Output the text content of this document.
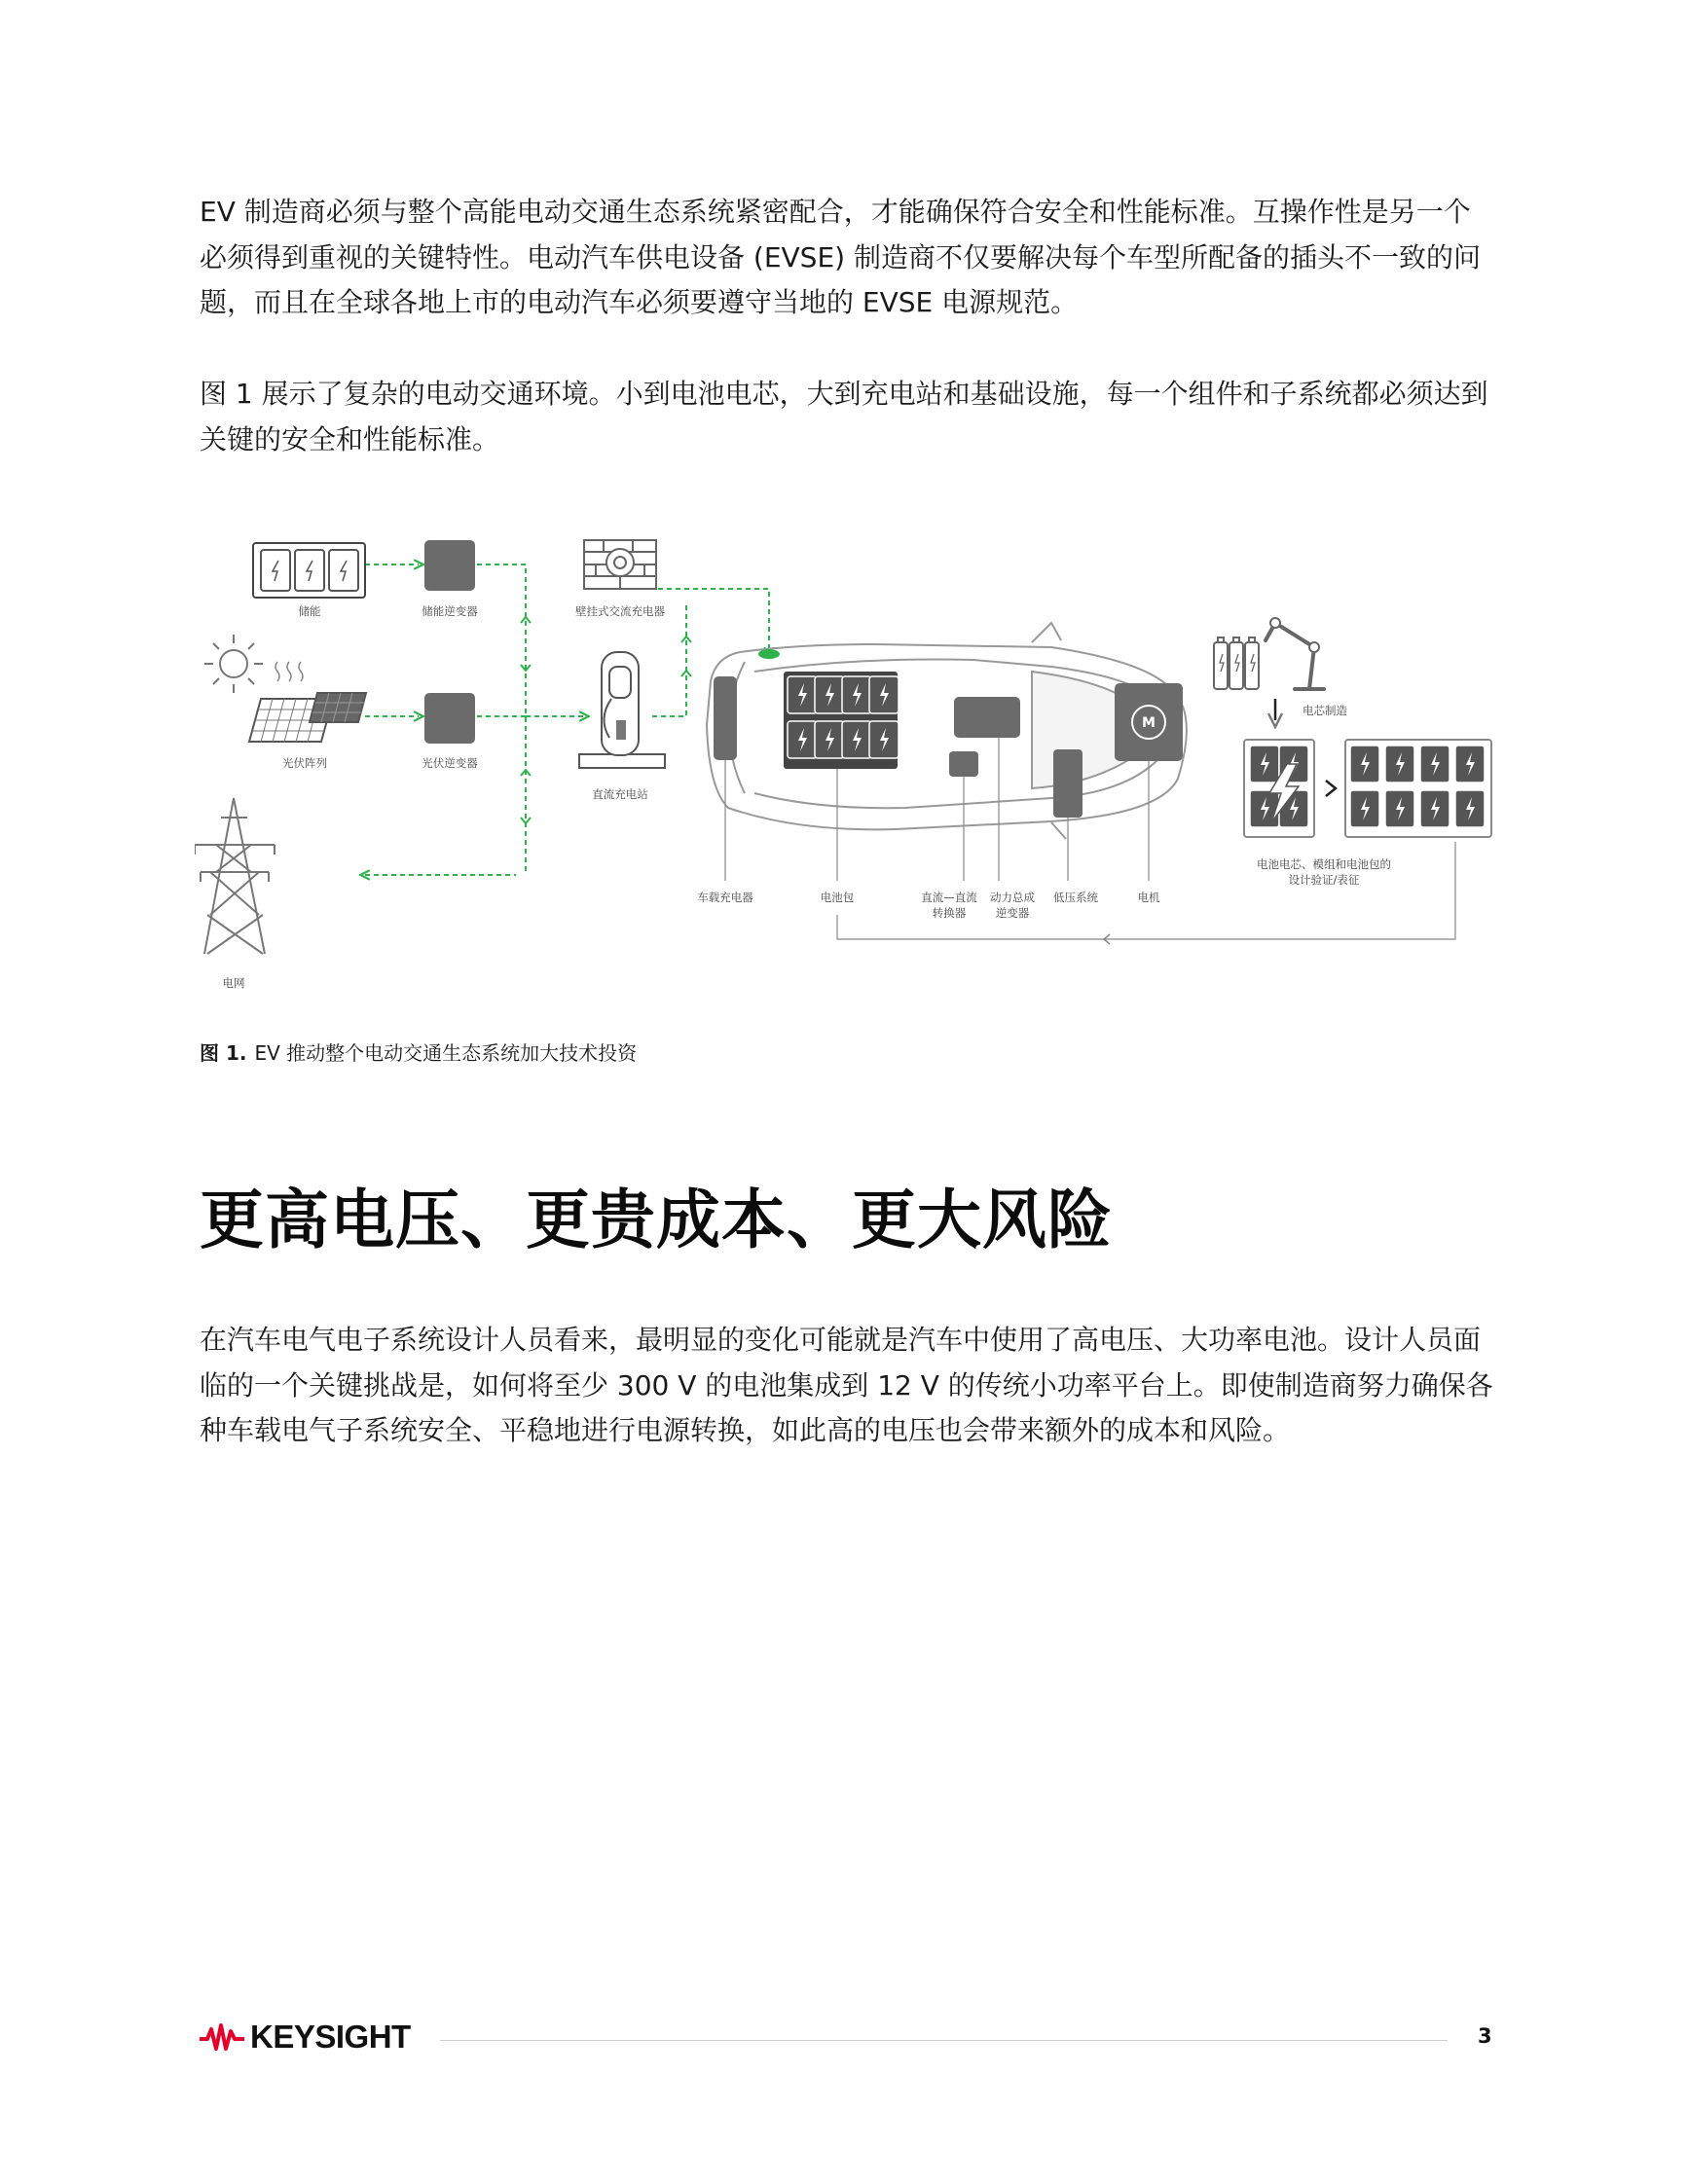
EV 制造商必须与整个高能电动交通生态系统紧密配合，才能确保符合安全和性能标准。互操作性是另一个必须得到重视的关键特性。电动汽车供电设备 (EVSE) 制造商不仅要解决每个车型所配备的插头不一致的问题，而且在全球各地上市的电动汽车必须要遵守当地的 EVSE 电源规范。

图 1 展示了复杂的电动交通环境。小到电池电芯，大到充电站和基础设施，每一个组件和子系统都必须达到关键的安全和性能标准。

储能	储能逆变器	壁挂式交流充电器
光伏阵列	光伏逆变器
直流充电站
电网
M
车载充电器	电池包	直流—直流
转换器
动力总成
逆变器
低压系统	电机
电芯制造
电池电芯、模组和电池包的
设计验证/表征
图 1. EV 推动整个电动交通生态系统加大技术投资
更高电压、更贵成本、更大风险

在汽车电气电子系统设计人员看来，最明显的变化可能就是汽车中使用了高电压、大功率电池。设计人员面临的一个关键挑战是，如何将至少 300 V 的电池集成到 12 V 的传统小功率平台上。即使制造商努力确保各种车载电气子系统安全、平稳地进行电源转换，如此高的电压也会带来额外的成本和风险。

KEYSIGHT	3
